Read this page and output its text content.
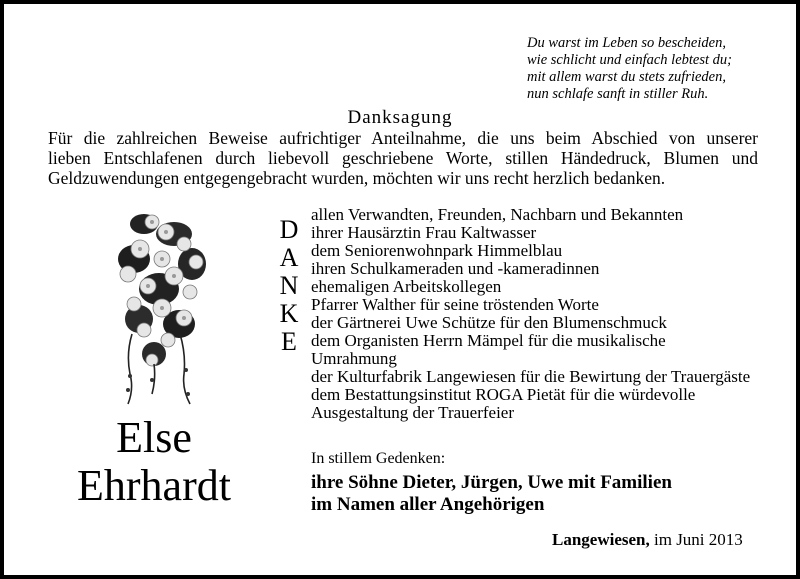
Du warst im Leben so bescheiden,
wie schlicht und einfach lebtest du;
mit allem warst du stets zufrieden,
nun schlafe sanft in stiller Ruh.
Danksagung
Für die zahlreichen Beweise aufrichtiger Anteilnahme, die uns beim Abschied von unserer
lieben Entschlafenen durch liebevoll geschriebene Worte, stillen Händedruck, Blumen und
Geldzuwendungen entgegengebracht wurden, möchten wir uns recht herzlich bedanken.
Else
Ehrhardt
D
A
N
K
E
allen Verwandten, Freunden, Nachbarn und Bekannten
ihrer Hausärztin Frau Kaltwasser
dem Seniorenwohnpark Himmelblau
ihren Schulkameraden und -kameradinnen
ehemaligen Arbeitskollegen
Pfarrer Walther für seine tröstenden Worte
der Gärtnerei Uwe Schütze für den Blumenschmuck
dem Organisten Herrn Mämpel für die musikalische
Umrahmung
der Kulturfabrik Langewiesen für die Bewirtung der Trauergäste
dem Bestattungsinstitut ROGA Pietät für die würdevolle
Ausgestaltung der Trauerfeier
In stillem Gedenken:
ihre Söhne Dieter, Jürgen, Uwe mit Familien
im Namen aller Angehörigen
Langewiesen, im Juni 2013
